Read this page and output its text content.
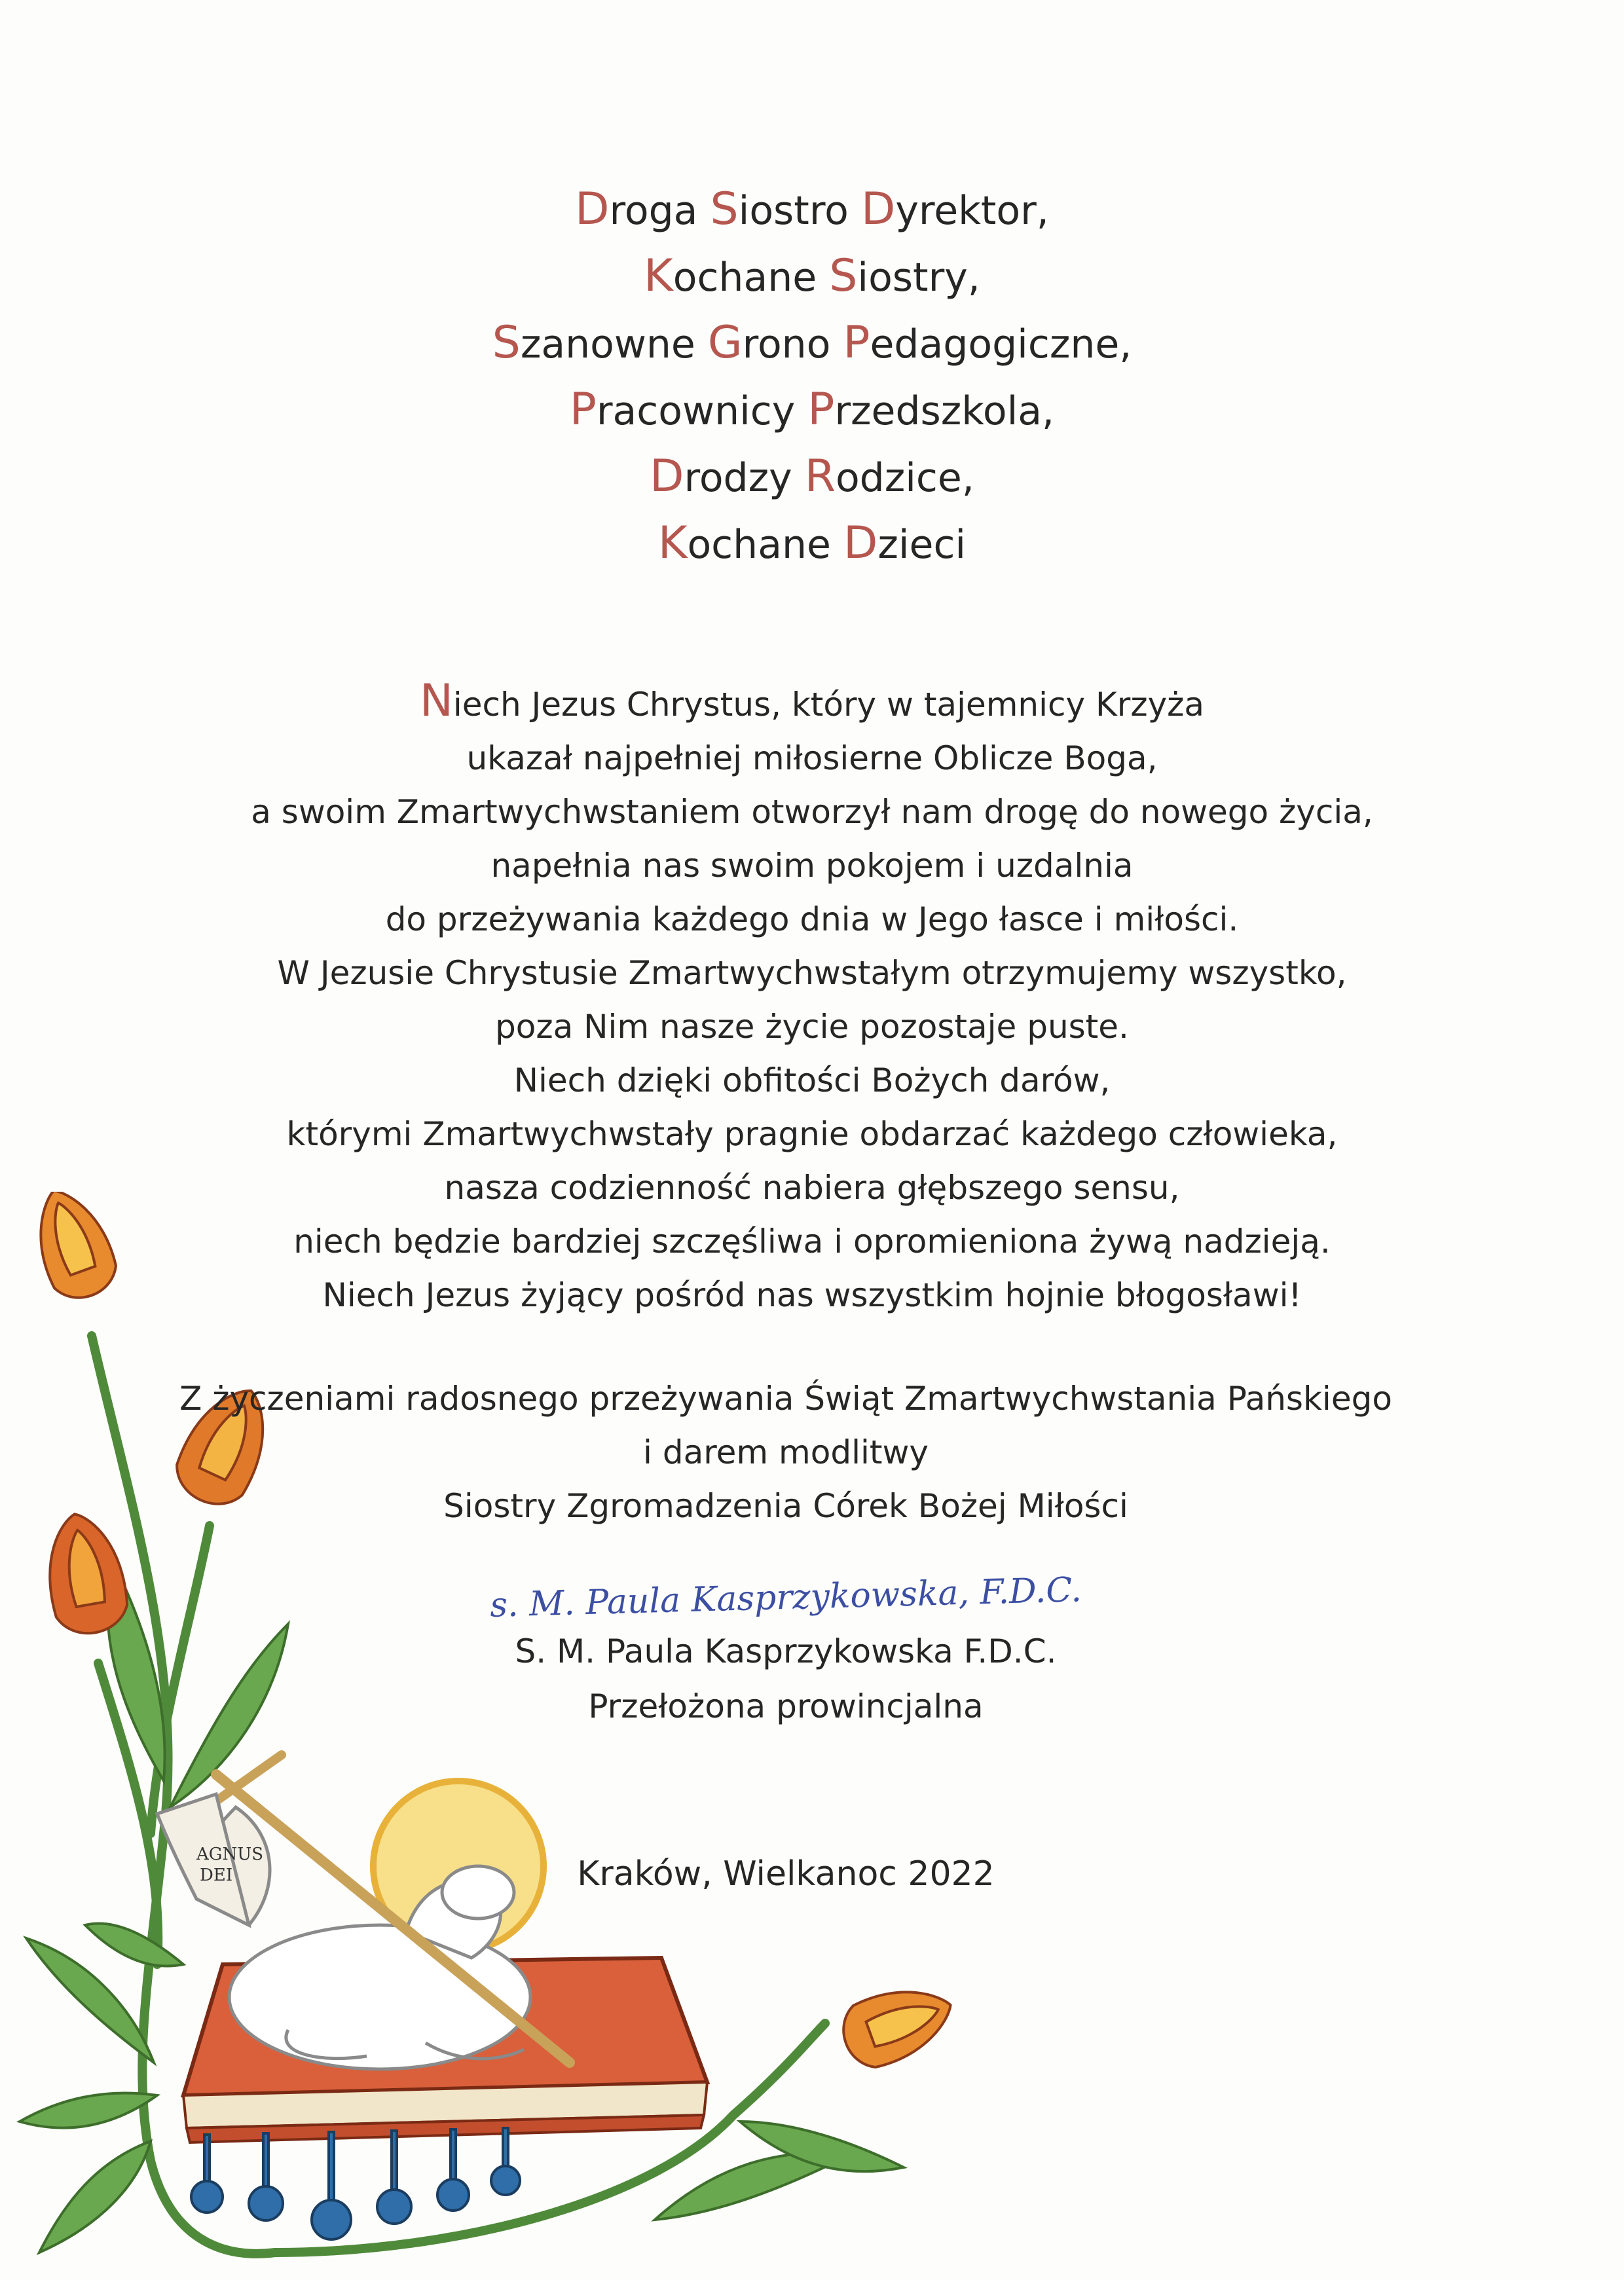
AGNUS
DEI
Droga Siostro Dyrektor,
Kochane Siostry,
Szanowne Grono Pedagogiczne,
Pracownicy Przedszkola,
Drodzy Rodzice,
Kochane Dzieci
Niech Jezus Chrystus, który w tajemnicy Krzyża
ukazał najpełniej miłosierne Oblicze Boga,
a swoim Zmartwychwstaniem otworzył nam drogę do nowego życia,
napełnia nas swoim pokojem i uzdalnia
do przeżywania każdego dnia w Jego łasce i miłości.
W Jezusie Chrystusie Zmartwychwstałym otrzymujemy wszystko,
poza Nim nasze życie pozostaje puste.
Niech dzięki obfitości Bożych darów,
którymi Zmartwychwstały pragnie obdarzać każdego człowieka,
nasza codzienność nabiera głębszego sensu,
niech będzie bardziej szczęśliwa i opromieniona żywą nadzieją.
Niech Jezus żyjący pośród nas wszystkim hojnie błogosławi!
Z życzeniami radosnego przeżywania Świąt Zmartwychwstania Pańskiego
i darem modlitwy
Siostry Zgromadzenia Córek Bożej Miłości
s. M. Paula Kasprzykowska, F.D.C.
S. M. Paula Kasprzykowska F.D.C.
Przełożona prowincjalna
Kraków, Wielkanoc 2022
